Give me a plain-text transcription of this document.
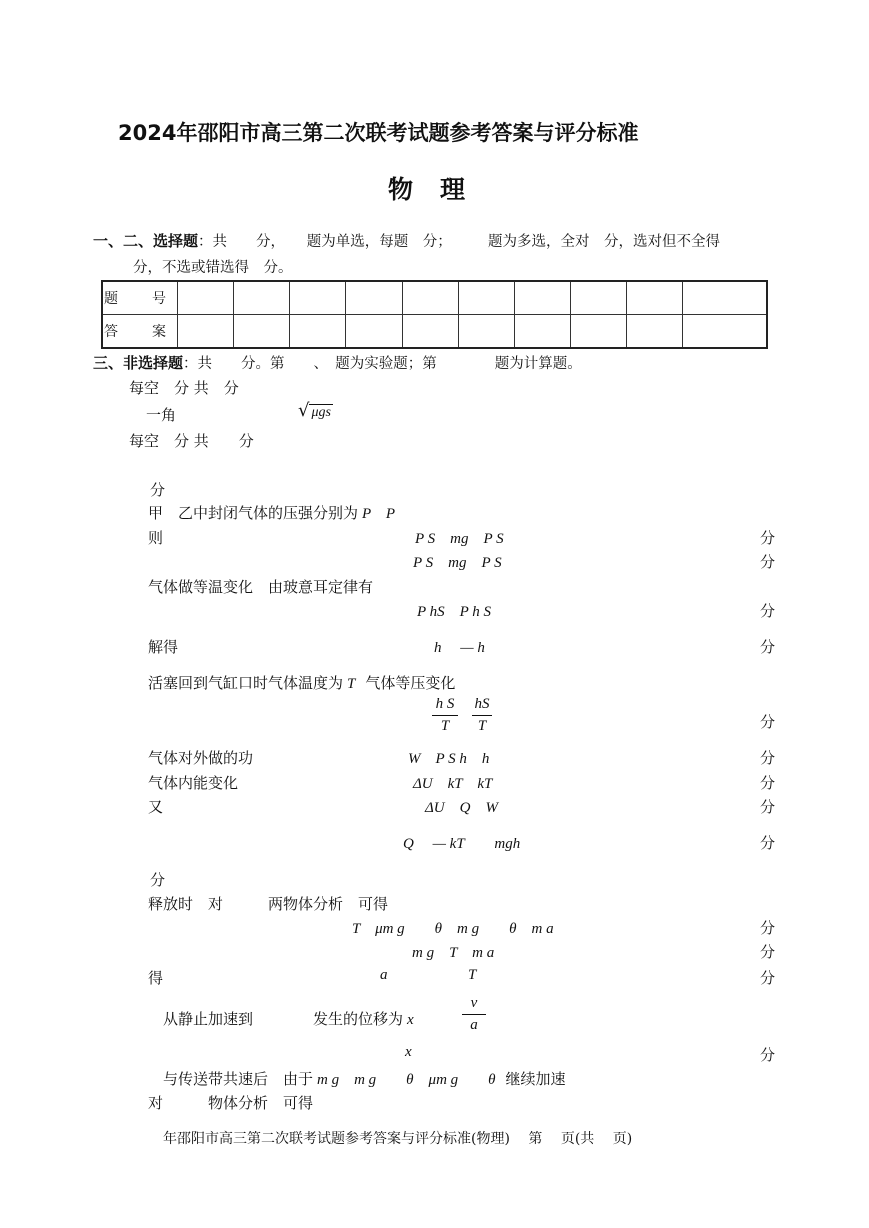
2024年邵阳市高三第二次联考试题参考答案与评分标准
物　理
一、二、选择题：共　　分，　　题为单选，每题　分；　　　题为多选，全对　分，选对但不全得
分，不选或错选得　分。
题　号										
答　案										
三、非选择题：共　　分。第　　、　题为实验题；第　　　　题为计算题。
每空　分 共　分
一角	√ μgs
每空　分 共　　分
分
甲　乙中封闭气体的压强分别为 P　P
则	P S　mg　P S	分
P S　mg　P S	分
气体做等温变化　由玻意耳定律有
P hS　P h S	分
解得	h　 — h	分
活塞回到气缸口时气体温度为 T 气体等压变化
h S
T
hS
T	分
气体对外做的功	W　P S h　h	分
气体内能变化	ΔU　kT　kT	分
又	ΔU　Q　W	分
Q　 — kT　　mgh	分
分
释放时　对　　　两物体分析　可得
T　μm g　　θ　m g　　θ　m a	分
m g　T　m a	分
得	a	T	分
从静止加速到　　　　发生的位移为 x
v
a
x	分
与传送带共速后　由于 m g　m g　　θ　μm g　　θ 继续加速
对　　　物体分析　可得
年邵阳市高三第二次联考试题参考答案与评分标准(物理)　 第　 页(共　 页)
